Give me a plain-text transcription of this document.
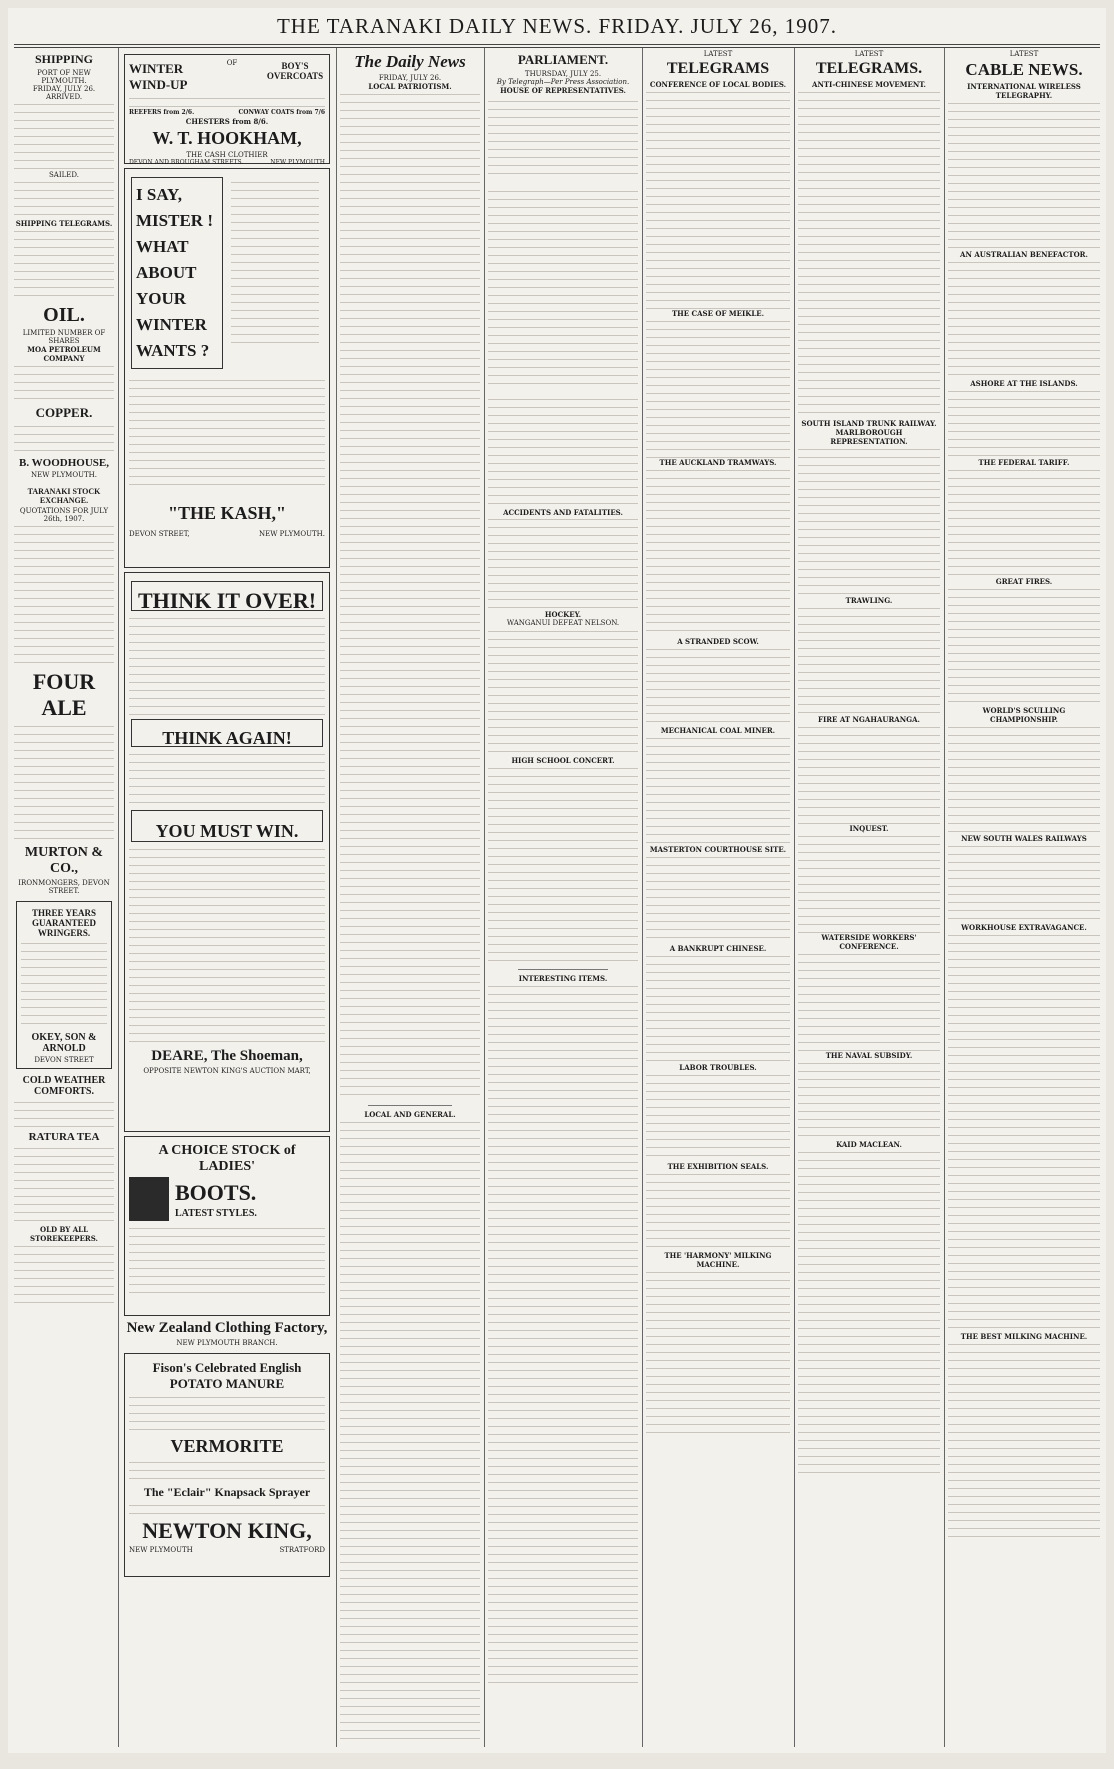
THE TARANAKI DAILY NEWS. FRIDAY. JULY 26, 1907.
SHIPPING
PORT OF NEW PLYMOUTH.
FRIDAY, JULY 26.
ARRIVED.
SAILED.
SHIPPING TELEGRAMS.
OIL.
LIMITED NUMBER OF SHARES
MOA PETROLEUM COMPANY
COPPER.
B. WOODHOUSE,
NEW PLYMOUTH.
TARANAKI STOCK EXCHANGE.
QUOTATIONS FOR JULY 26th, 1907.
FOUR ALE
MURTON & CO.,
IRONMONGERS, DEVON STREET.
THREE YEARS GUARANTEED WRINGERS.
OKEY, SON & ARNOLD
DEVON STREET
COLD WEATHER COMFORTS.
RATURA TEA
OLD BY ALL STOREKEEPERS.
WINTER WIND-UP
OF	BOY'S OVERCOATS
REEFERS from 2/6.	CONWAY COATS from 7/6
CHESTERS from 8/6.
W. T. HOOKHAM,
THE CASH CLOTHIER
DEVON AND BROUGHAM STREETS.	NEW PLYMOUTH
I SAY, MISTER ! WHAT ABOUT YOUR WINTER WANTS ?
"THE KASH,"
DEVON STREET,	NEW PLYMOUTH.
THINK IT OVER!
THINK AGAIN!
YOU MUST WIN.
DEARE, The Shoeman,
OPPOSITE NEWTON KING'S AUCTION MART,
A CHOICE STOCK of LADIES'
BOOTS.
LATEST STYLES.
New Zealand Clothing Factory,
NEW PLYMOUTH BRANCH.
Fison's Celebrated English POTATO MANURE
VERMORITE
The "Eclair" Knapsack Sprayer
NEWTON KING,
NEW PLYMOUTH	STRATFORD
The Daily News
FRIDAY, JULY 26.
LOCAL PATRIOTISM.
LOCAL AND GENERAL.
INTERESTING ITEMS.
LATEST
TELEGRAMS
CONFERENCE OF LOCAL BODIES.
THE CASE OF MEIKLE.
THE AUCKLAND TRAMWAYS.
A STRANDED SCOW.
MECHANICAL COAL MINER.
MASTERTON COURTHOUSE SITE.
A BANKRUPT CHINESE.
LABOR TROUBLES.
THE EXHIBITION SEALS.
THE 'HARMONY' MILKING MACHINE.
LATEST
TELEGRAMS.
ANTI-CHINESE MOVEMENT.
SOUTH ISLAND TRUNK RAILWAY.
MARLBOROUGH REPRESENTATION.
TRAWLING.
FIRE AT NGAHAURANGA.
INQUEST.
WATERSIDE WORKERS' CONFERENCE.
THE NAVAL SUBSIDY.
KAID MACLEAN.
LATEST
CABLE NEWS.
INTERNATIONAL WIRELESS TELEGRAPHY.
AN AUSTRALIAN BENEFACTOR.
ASHORE AT THE ISLANDS.
THE FEDERAL TARIFF.
GREAT FIRES.
WORLD'S SCULLING CHAMPIONSHIP.
NEW SOUTH WALES RAILWAYS
WORKHOUSE EXTRAVAGANCE.
THE BEST MILKING MACHINE.
PARLIAMENT.
THURSDAY, JULY 25.
By Telegraph—Per Press Association.
HOUSE OF REPRESENTATIVES.
ACCIDENTS AND FATALITIES.
HOCKEY.
WANGANUI DEFEAT NELSON.
HIGH SCHOOL CONCERT.
